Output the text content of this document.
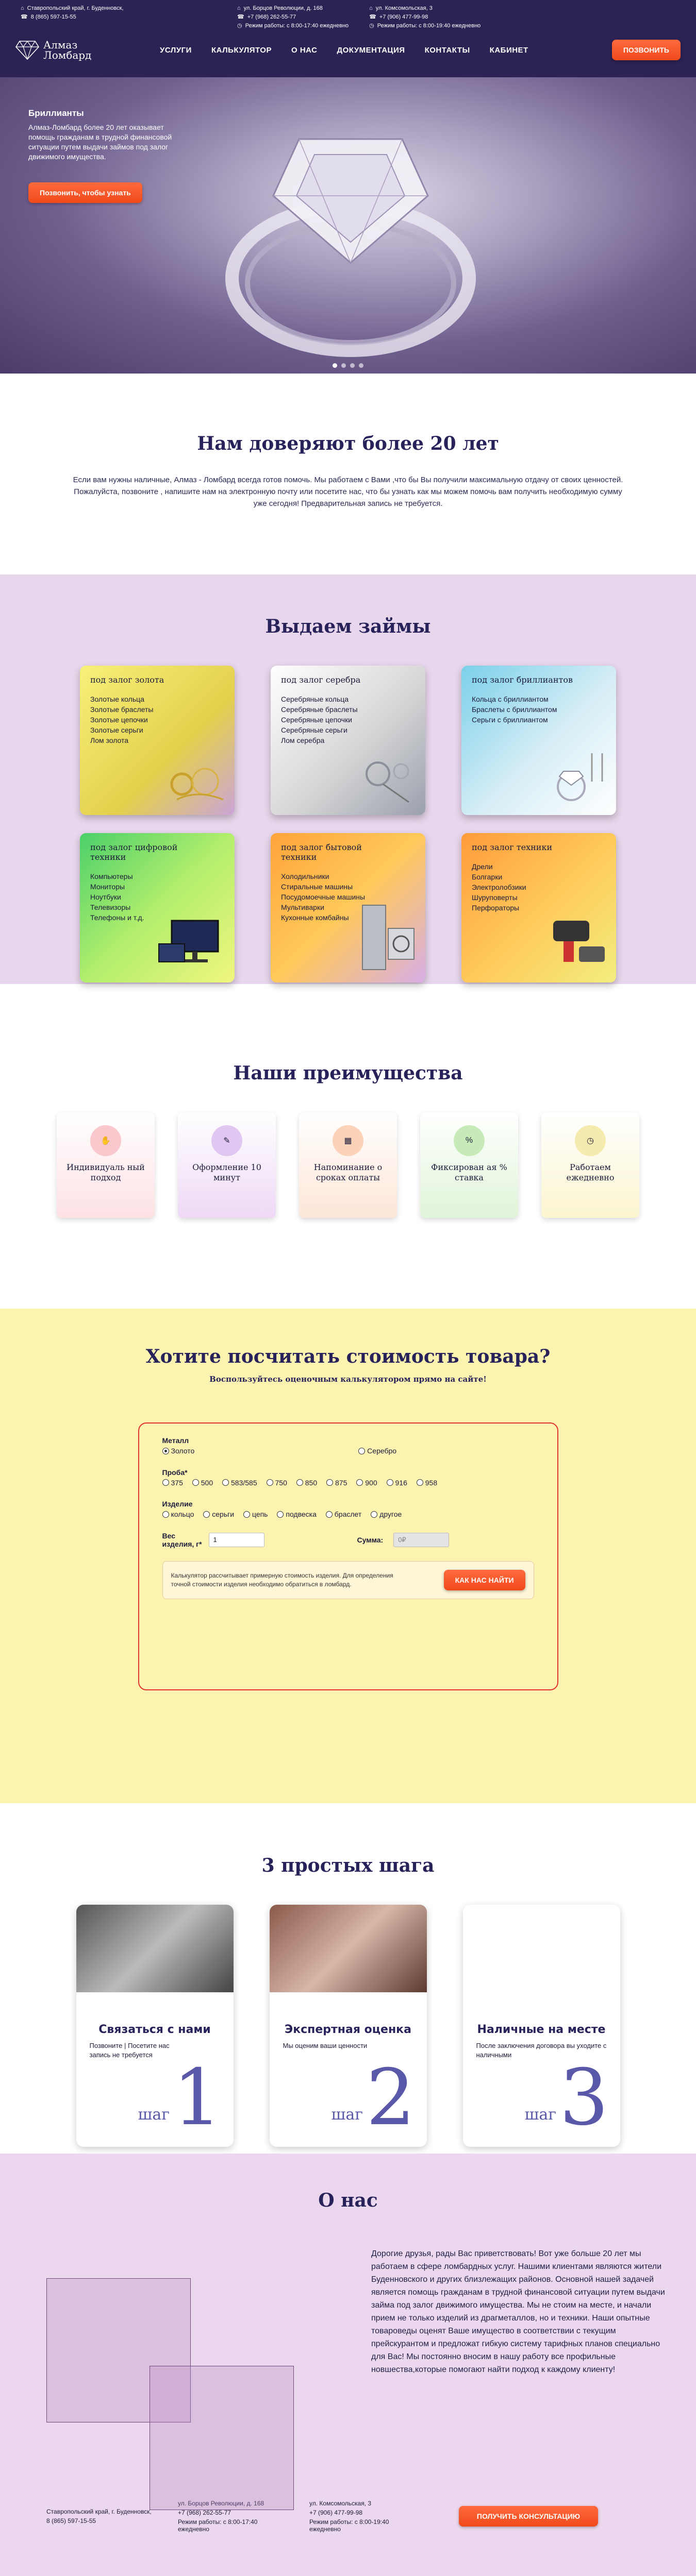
⌂ Ставропольский край, г. Буденновск,
☎ 8 (865) 597-15-55
⌂ ул. Борцов Революции, д. 168
☎ +7 (968) 262-55-77
◷ Режим работы: с 8:00-17:40 ежедневно
⌂ ул. Комсомольская, 3
☎ +7 (906) 477-99-98
◷ Режим работы: с 8:00-19:40 ежедневно
Алмаз
Ломбард	УСЛУГИ	КАЛЬКУЛЯТОР	О НАС	ДОКУМЕНТАЦИЯ	КОНТАКТЫ	КАБИНЕТ	ПОЗВОНИТЬ
Бриллианты
Алмаз-Ломбард более 20 лет оказывает помощь гражданам в трудной финансовой ситуации путем выдачи займов под залог движимого имущества.
Позвонить, чтобы узнать
Нам доверяют более 20 лет

Если вам нужны наличные, Алмаз - Ломбард всегда готов помочь. Мы работаем с Вами ,что бы Вы получили максимальную отдачу от своих ценностей. Пожалуйста, позвоните , напишите нам на электронную почту или посетите нас, что бы узнать как мы можем помочь вам получить необходимую сумму уже сегодня! Предварительная запись не требуется.

Выдаем займы
под залог золота
Золотые кольца
Золотые браслеты
Золотые цепочки
Золотые серьги
Лом золота
под залог серебра
Серебряные кольца
Серебряные браслеты
Серебряные цепочки
Серебряные серьги
Лом серебра
под залог бриллиантов
Кольца с бриллиантом
Браслеты с бриллиантом
Серьги с бриллиантом
под залог цифровой техники
Компьютеры
Мониторы
Ноутбуки
Телевизоры
Телефоны и т.д.
под залог бытовой техники
Холодильники
Стиральные машины
Посудомоечные машины
Мультиварки
Кухонные комбайны
под залог техники
Дрели
Болгарки
Электролобзики
Шуруповерты
Перфораторы
Наши преимущества
✋
Индивидуаль ный подход
✎
Оформление 10 минут
▦
Напоминание о сроках оплаты
%
Фиксирован ая % ставка
◷
Работаем ежедневно
Хотите посчитать стоимость товара?
Воспользуйтесь оценочным калькулятором прямо на сайте!
Металл
Золото
	Серебро
Проба*
375
500
583/585
750
850
875
900
916
958
Изделие
кольцо
серьги
цепь
подвеска
браслет
другое
Вес изделия, г*
1	Сумма:	0₽

Калькулятор рассчитывает примерную стоимость изделия. Для определения точной стоимости изделия необходимо обратиться в ломбард.	КАК НАС НАЙТИ
3 простых шага
Связаться с нами

Позвоните | Посетите нас
запись не требуется

шаг 1
Экспертная оценка

Мы оценим ваши ценности

шаг 2
Наличные на месте

После заключения договора вы уходите с наличными

шаг 3
О нас
Дорогие друзья, рады Вас приветствовать! Вот уже больше 20 лет мы работаем в сфере ломбардных услуг. Нашими клиентами являются жители Буденновского и других близлежащих районов. Основной нашей задачей является помощь гражданам в трудной финансовой ситуации путем выдачи займа под залог движимого имущества. Мы не стоим на месте, и начали прием не только изделий из драгметаллов, но и техники. Наши опытные товароведы оценят Ваше имущество в соответствии с текущим прейскурантом и предложат гибкую систему тарифных планов специально для Вас! Мы постоянно вносим в нашу работу все профильные новшества,которые помогают найти подход к каждому клиенту!
Ставропольский край, г. Буденновск,
8 (865) 597-15-55
ул. Борцов Революции, д. 168
+7 (968) 262-55-77
Режим работы: с 8:00-17:40 ежедневно
ул. Комсомольская, 3
+7 (906) 477-99-98
Режим работы: с 8:00-19:40 ежедневно
ПОЛУЧИТЬ КОНСУЛЬТАЦИЮ
